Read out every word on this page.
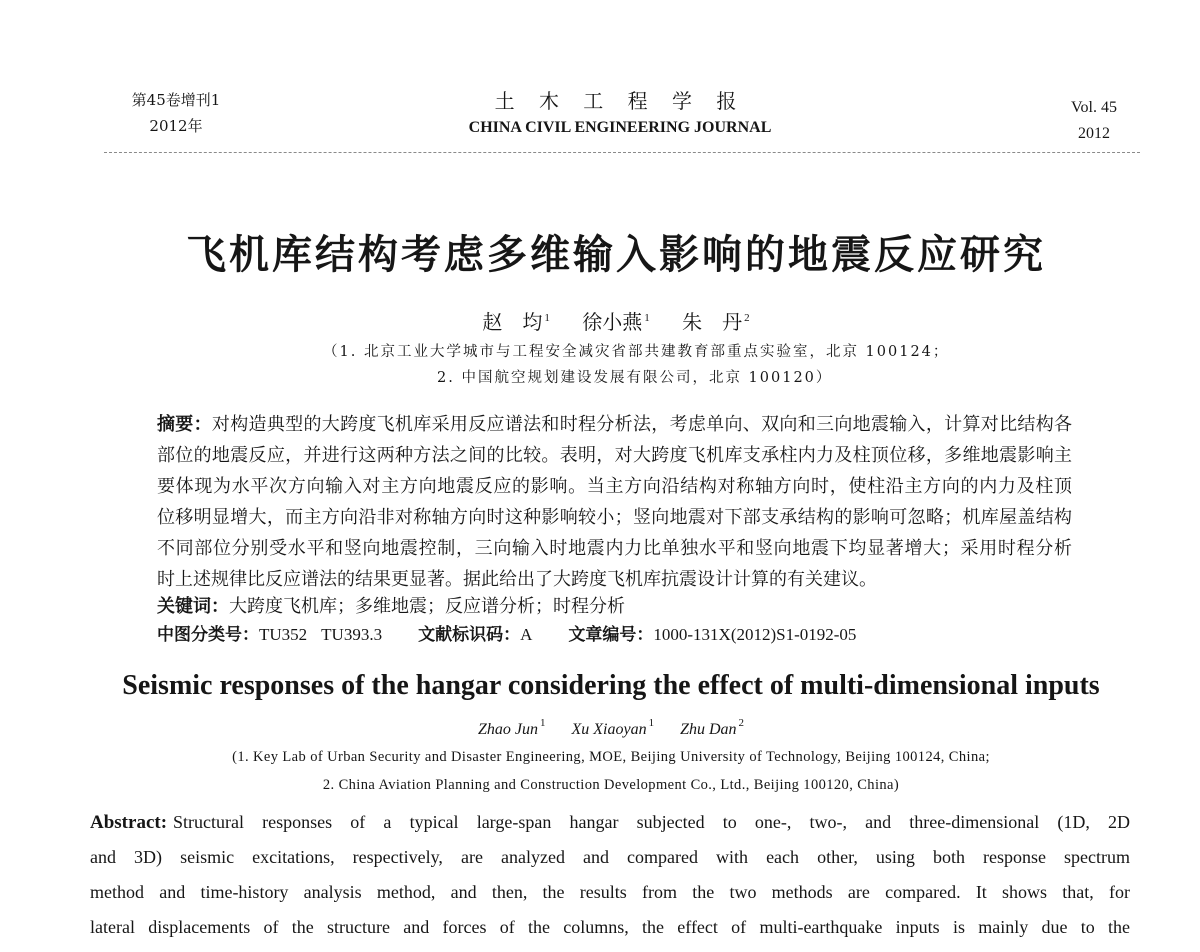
第45卷增刊1
2012年
土 木 工 程 学 报
CHINA CIVIL ENGINEERING JOURNAL
Vol. 45
2012
飞机库结构考虑多维输入影响的地震反应研究
赵　均 $^1$ 徐小燕 $^1$ 朱　丹 $^2$
（1. 北京工业大学城市与工程安全减灾省部共建教育部重点实验室，北京 100124；
2. 中国航空规划建设发展有限公司，北京 100120）
摘要：对构造典型的大跨度飞机库采用反应谱法和时程分析法，考虑单向、双向和三向地震输入，计算对比结构各
部位的地震反应，并进行这两种方法之间的比较。表明，对大跨度飞机库支承柱内力及柱顶位移，多维地震影响主
要体现为水平次方向输入对主方向地震反应的影响。当主方向沿结构对称轴方向时，使柱沿主方向的内力及柱顶
位移明显增大，而主方向沿非对称轴方向时这种影响较小；竖向地震对下部支承结构的影响可忽略；机库屋盖结构
不同部位分别受水平和竖向地震控制，三向输入时地震内力比单独水平和竖向地震下均显著增大；采用时程分析
时上述规律比反应谱法的结果更显著。据此给出了大跨度飞机库抗震设计计算的有关建议。
关键词：大跨度飞机库；多维地震；反应谱分析；时程分析
中图分类号：TU352 TU393.3 文献标识码：A 文章编号：1000-131X(2012)S1-0192-05
Seismic responses of the hangar considering the effect of multi-dimensional inputs
Zhao Jun $^1$ Xu Xiaoyan $^1$ Zhu Dan $^2$
(1. Key Lab of Urban Security and Disaster Engineering, MOE, Beijing University of Technology, Beijing 100124, China;
2. China Aviation Planning and Construction Development Co., Ltd., Beijing 100120, China)
Abstract: Structural responses of a typical large-span hangar subjected to one-, two-, and three-dimensional (1D, 2D
and 3D) seismic excitations, respectively, are analyzed and compared with each other, using both response spectrum
method and time-history analysis method, and then, the results from the two methods are compared. It shows that, for
lateral displacements of the structure and forces of the columns, the effect of multi-earthquake inputs is mainly due to the
